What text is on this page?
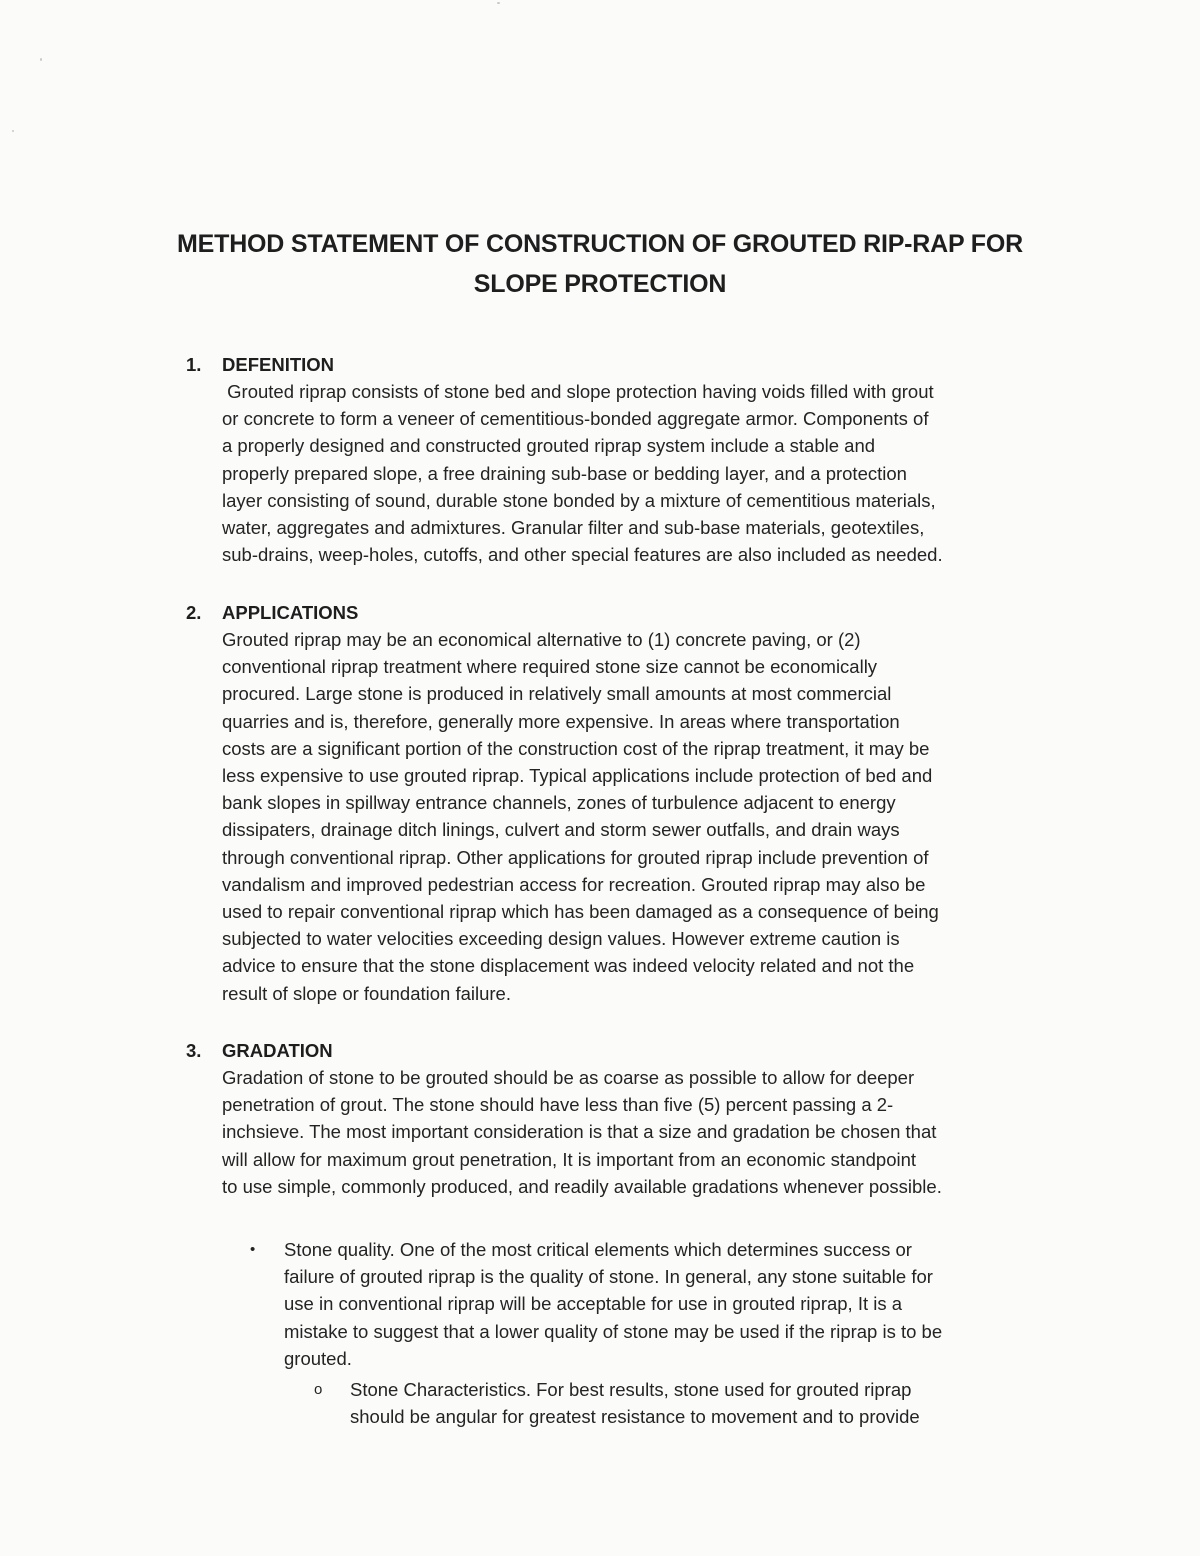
METHOD STATEMENT OF CONSTRUCTION OF GROUTED RIP-RAP FOR
SLOPE PROTECTION
1.	DEFENITION
Grouted riprap consists of stone bed and slope protection having voids filled with grout
or concrete to form a veneer of cementitious-bonded aggregate armor. Components of
a properly designed and constructed grouted riprap system include a stable and
properly prepared slope, a free draining sub-base or bedding layer, and a protection
layer consisting of sound, durable stone bonded by a mixture of cementitious materials,
water, aggregates and admixtures. Granular filter and sub-base materials, geotextiles,
sub-drains, weep-holes, cutoffs, and other special features are also included as needed.
2.	APPLICATIONS
Grouted riprap may be an economical alternative to (1) concrete paving, or (2)
conventional riprap treatment where required stone size cannot be economically
procured. Large stone is produced in relatively small amounts at most commercial
quarries and is, therefore, generally more expensive. In areas where transportation
costs are a significant portion of the construction cost of the riprap treatment, it may be
less expensive to use grouted riprap. Typical applications include protection of bed and
bank slopes in spillway entrance channels, zones of turbulence adjacent to energy
dissipaters, drainage ditch linings, culvert and storm sewer outfalls, and drain ways
through conventional riprap. Other applications for grouted riprap include prevention of
vandalism and improved pedestrian access for recreation. Grouted riprap may also be
used to repair conventional riprap which has been damaged as a consequence of being
subjected to water velocities exceeding design values. However extreme caution is
advice to ensure that the stone displacement was indeed velocity related and not the
result of slope or foundation failure.
3.	GRADATION
Gradation of stone to be grouted should be as coarse as possible to allow for deeper
penetration of grout. The stone should have less than five (5) percent passing a 2-
inchsieve. The most important consideration is that a size and gradation be chosen that
will allow for maximum grout penetration, It is important from an economic standpoint
to use simple, commonly produced, and readily available gradations whenever possible.
•	Stone quality. One of the most critical elements which determines success or
failure of grouted riprap is the quality of stone. In general, any stone suitable for
use in conventional riprap will be acceptable for use in grouted riprap, It is a
mistake to suggest that a lower quality of stone may be used if the riprap is to be
grouted.
o	Stone Characteristics. For best results, stone used for grouted riprap
should be angular for greatest resistance to movement and to provide
